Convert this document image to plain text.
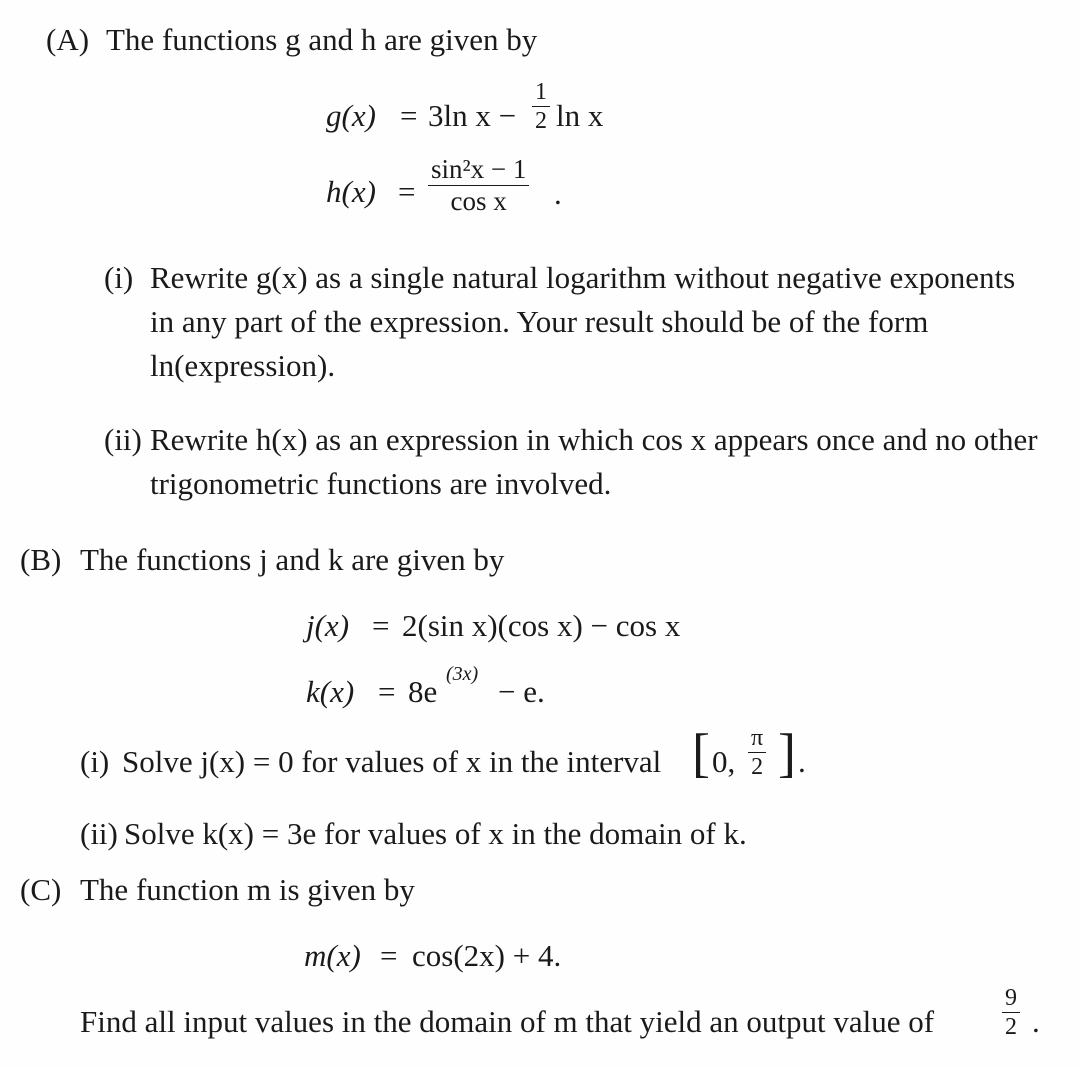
(A) The functions g and h are given by
g(x) = 3ln $x - \frac{1}{2}$ ln x
$h(x) = \frac{\text{sin²x − 1}}{\text{cos x}}$ .
(i) Rewrite g(x) as a single natural logarithm without negative exponents
in any part of the expression. Your result should be of the form
ln(expression).
(ii) Rewrite h(x) as an expression in which cos x appears once and no other
trigonometric functions are involved.
(B) The functions j and k are given by
j(x) = 2(sin x)(cos x) − cos x
k(x) = 8e (3x) − e.
(i) Solve j(x) = 0 for values of x in the interval [ 0, $\frac{\pi}{2}$ ] .
(ii) Solve k(x) = 3e for values of x in the domain of k.
(C) The function m is given by
m(x) = cos(2x) + 4.
Find all input values in the domain of m that yield an output value of	$\frac{9}{2}$ .
